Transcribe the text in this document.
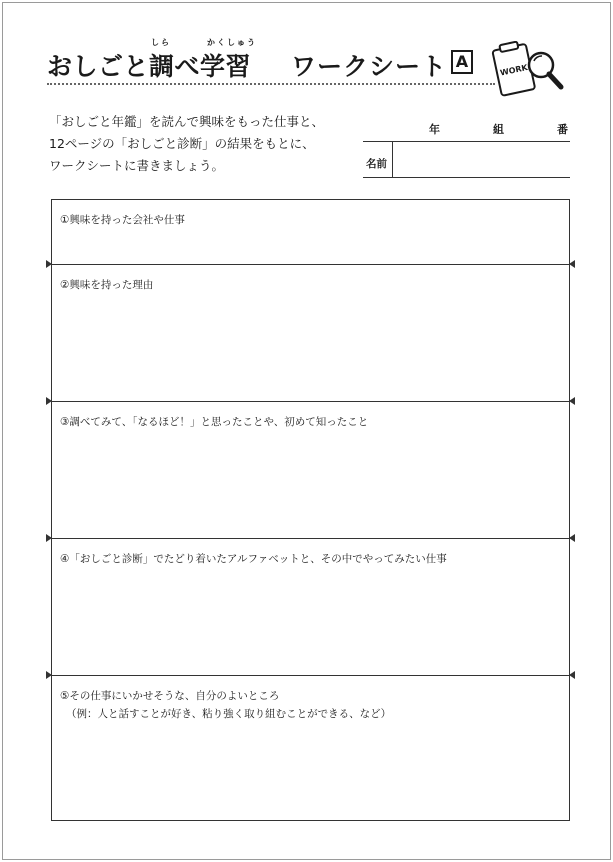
しら	かくしゅう
おしごと調べ学習 ワークシート A	WORK
「おしごと年鑑」を読んで興味をもった仕事と、
12ページの「おしごと診断」の結果をもとに、
ワークシートに書きましょう。
年	組	番
名前
①興味を持った会社や仕事
②興味を持った理由
③調べてみて、「なるほど！」と思ったことや、初めて知ったこと
④「おしごと診断」でたどり着いたアルファベットと、その中でやってみたい仕事
⑤その仕事にいかせそうな、自分のよいところ
（例：人と話すことが好き、粘り強く取り組むことができる、など）
